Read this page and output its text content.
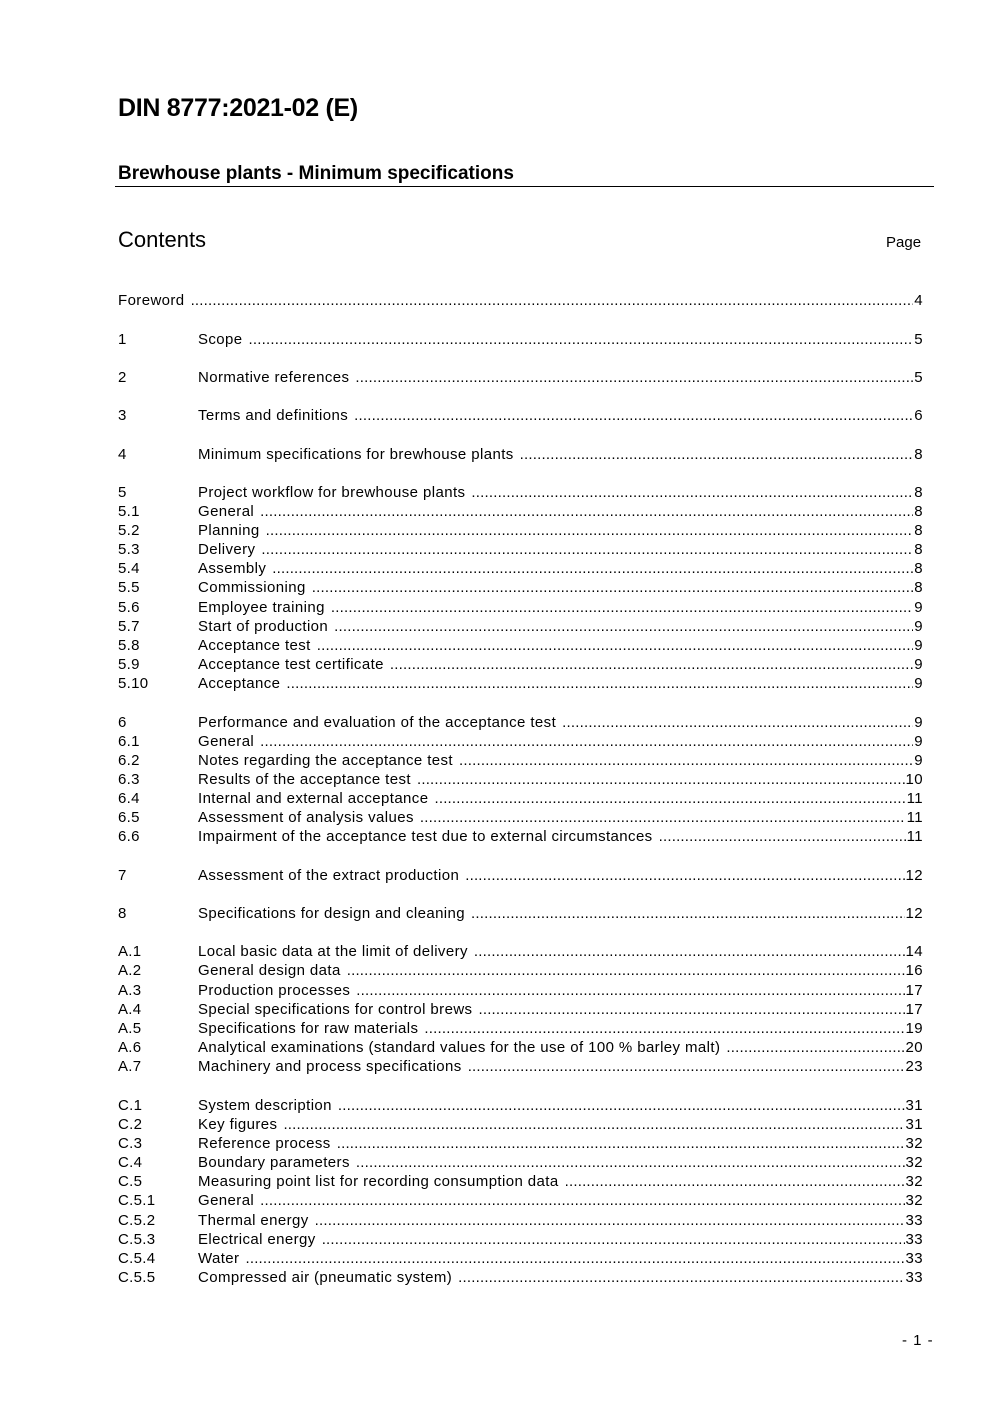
DIN 8777:2021-02 (E)
Brewhouse plants - Minimum specifications
Contents	Page
Foreword .....	4
1	Scope .....	5
2	Normative references .....	5
3	Terms and definitions .....	6
4	Minimum specifications for brewhouse plants .....	8
5	Project workflow for brewhouse plants .....	8
5.1	General .....	8
5.2	Planning .....	8
5.3	Delivery .....	8
5.4	Assembly .....	8
5.5	Commissioning .....	8
5.6	Employee training .....	9
5.7	Start of production .....	9
5.8	Acceptance test .....	9
5.9	Acceptance test certificate .....	9
5.10	Acceptance .....	9
6	Performance and evaluation of the acceptance test .....	9
6.1	General .....	9
6.2	Notes regarding the acceptance test .....	9
6.3	Results of the acceptance test .....	10
6.4	Internal and external acceptance .....	11
6.5	Assessment of analysis values .....	11
6.6	Impairment of the acceptance test due to external circumstances .....	11
7	Assessment of the extract production .....	12
8	Specifications for design and cleaning .....	12
A.1	Local basic data at the limit of delivery .....	14
A.2	General design data .....	16
A.3	Production processes .....	17
A.4	Special specifications for control brews .....	17
A.5	Specifications for raw materials .....	19
A.6	Analytical examinations (standard values for the use of 100 % barley malt) .....	20
A.7	Machinery and process specifications .....	23
C.1	System description .....	31
C.2	Key figures .....	31
C.3	Reference process .....	32
C.4	Boundary parameters .....	32
C.5	Measuring point list for recording consumption data .....	32
C.5.1	General .....	32
C.5.2	Thermal energy .....	33
C.5.3	Electrical energy .....	33
C.5.4	Water .....	33
C.5.5	Compressed air (pneumatic system) .....	33
- 1 -
